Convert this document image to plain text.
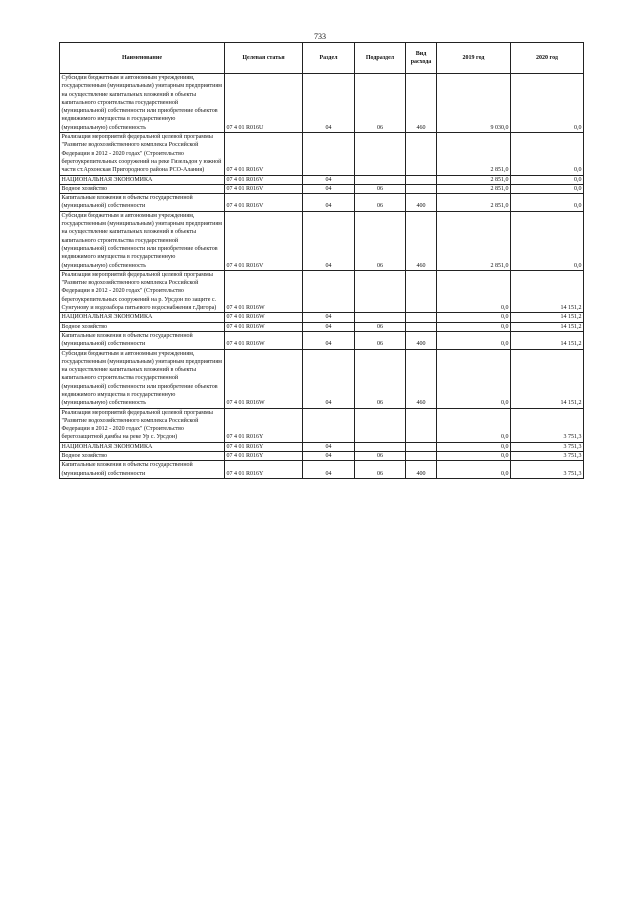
733
Наименование	Целевая статья	Раздел	Подраздел	Вид расхода	2019 год	2020 год
Субсидии бюджетным и автономным учреждениям, государственным (муниципальным) унитарным предприятиям на осуществление капитальных вложений в объекты капитального строительства государственной (муниципальной) собственности или приобретение объектов недвижимого имущества в государственную (муниципальную) собственность	07 4 01 R016U	04	06	460	9 030,0	0,0
Реализация мероприятий федеральной целевой программы "Развитие водохозяйственного комплекса Российской Федерации в 2012 - 2020 годах" (Строительство берегоукрепительных сооружений на реке Гизельдон у южной части ст.Архонская Пригородного района РСО-Алания)	07 4 01 R016V				2 851,0	0,0
НАЦИОНАЛЬНАЯ ЭКОНОМИКА	07 4 01 R016V	04			2 851,0	0,0
Водное хозяйство	07 4 01 R016V	04	06		2 851,0	0,0
Капитальные вложения в объекты государственной (муниципальной) собственности	07 4 01 R016V	04	06	400	2 851,0	0,0
Субсидии бюджетным и автономным учреждениям, государственным (муниципальным) унитарным предприятиям на осуществление капитальных вложений в объекты капитального строительства государственной (муниципальной) собственности или приобретение объектов недвижимого имущества в государственную (муниципальную) собственность	07 4 01 R016V	04	06	460	2 851,0	0,0
Реализация мероприятий федеральной целевой программы "Развитие водохозяйственного комплекса Российской Федерации в 2012 - 2020 годах" (Строительство берегоукрепительных сооружений на р. Урсдон по защите с. Сунгунову и водозабора питьевого водоснабжения г.Дигора)	07 4 01 R016W				0,0	14 151,2
НАЦИОНАЛЬНАЯ ЭКОНОМИКА	07 4 01 R016W	04			0,0	14 151,2
Водное хозяйство	07 4 01 R016W	04	06		0,0	14 151,2
Капитальные вложения в объекты государственной (муниципальной) собственности	07 4 01 R016W	04	06	400	0,0	14 151,2
Субсидии бюджетным и автономным учреждениям, государственным (муниципальным) унитарным предприятиям на осуществление капитальных вложений в объекты капитального строительства государственной (муниципальной) собственности или приобретение объектов недвижимого имущества в государственную (муниципальную) собственность	07 4 01 R016W	04	06	460	0,0	14 151,2
Реализация мероприятий федеральной целевой программы "Развитие водохозяйственного комплекса Российской Федерации в 2012 - 2020 годах" (Строительство берегозащитной дамбы на реке Ур с. Урсдон)	07 4 01 R016Y				0,0	3 751,3
НАЦИОНАЛЬНАЯ ЭКОНОМИКА	07 4 01 R016Y	04			0,0	3 751,3
Водное хозяйство	07 4 01 R016Y	04	06		0,0	3 751,3
Капитальные вложения в объекты государственной (муниципальной) собственности	07 4 01 R016Y	04	06	400	0,0	3 751,3
